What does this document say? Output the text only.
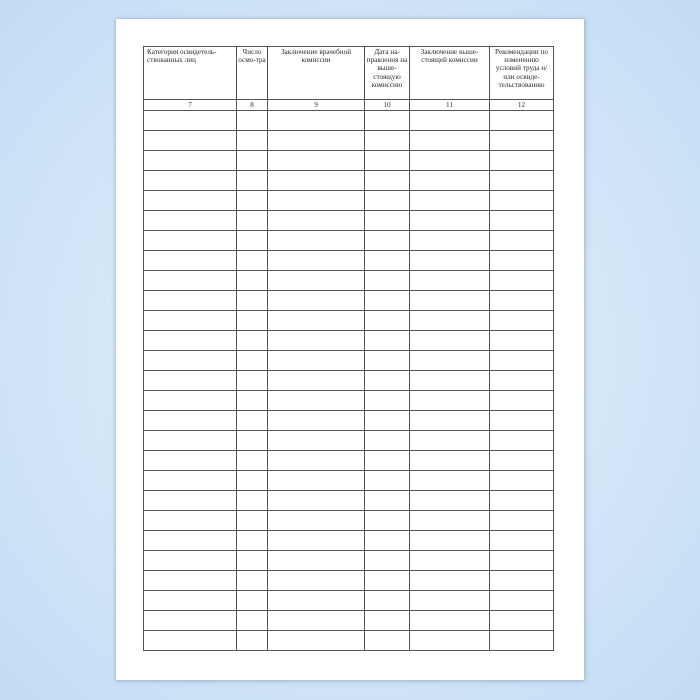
Категория освидетель-ствованных лиц	Число осмо-тра	Заключение врачебной комиссии	Дата на-правления на выше-стоящую комиссию	Заключение выше-стоящей комиссии	Рекомендации по изменению условий труда и/или освиде-тельствованию
7	8	9	10	11	12
